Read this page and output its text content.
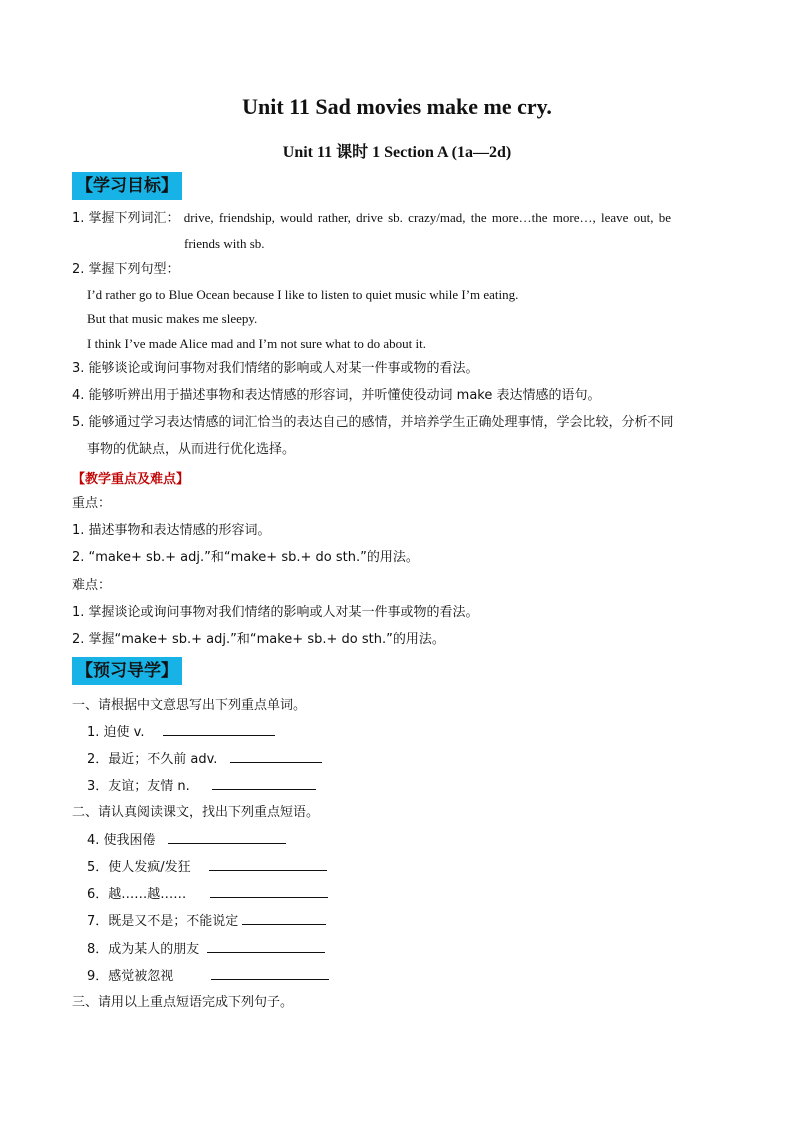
Unit 11 Sad movies make me cry.
Unit 11 课时 1 Section A (1a—2d)
【学习目标】
1. 掌握下列词汇： drive, friendship, would rather, drive sb. crazy/mad, the more…the more…, leave out, be
friends with sb.
2. 掌握下列句型：
I’d rather go to Blue Ocean because I like to listen to quiet music while I’m eating.
But that music makes me sleepy.
I think I’ve made Alice mad and I’m not sure what to do about it.
3. 能够谈论或询问事物对我们情绪的影响或人对某一件事或物的看法。
4. 能够听辨出用于描述事物和表达情感的形容词，并听懂使役动词 make 表达情感的语句。
5. 能够通过学习表达情感的词汇恰当的表达自己的感情，并培养学生正确处理事情，学会比较，分析不同
事物的优缺点，从而进行优化选择。
【教学重点及难点】
重点：
1. 描述事物和表达情感的形容词。
2. “make+ sb.+ adj.”和“make+ sb.+ do sth.”的用法。
难点：
1. 掌握谈论或询问事物对我们情绪的影响或人对某一件事或物的看法。
2. 掌握“make+ sb.+ adj.”和“make+ sb.+ do sth.”的用法。
【预习导学】
一、请根据中文意思写出下列重点单词。
1. 迫使 v.
2．最近；不久前 adv.
3．友谊；友情 n.
二、请认真阅读课文，找出下列重点短语。
4. 使我困倦
5．使人发疯/发狂
6．越……越……
7．既是又不是；不能说定
8．成为某人的朋友
9．感觉被忽视
三、请用以上重点短语完成下列句子。
